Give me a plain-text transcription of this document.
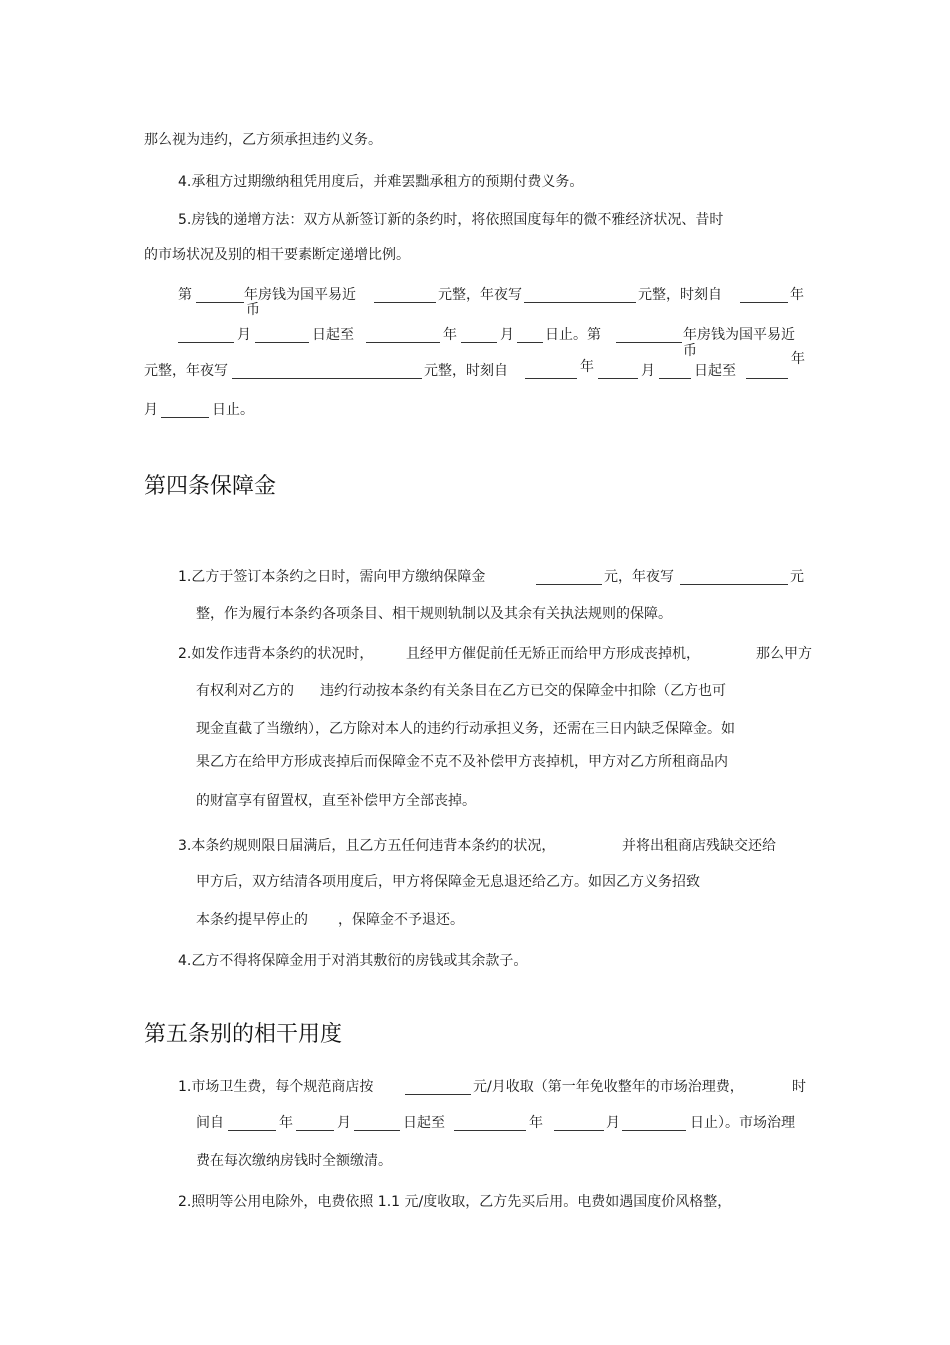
那么视为违约，乙方须承担违约义务。
4.承租方过期缴纳租凭用度后，并难罢黜承租方的预期付费义务。
5.房钱的递增方法：双方从新签订新的条约时，将依照国度每年的微不雅经济状况、昔时
的市场状况及别的相干要素断定递增比例。
第	年房钱为国平易近
币
元整，年夜写	元整，时刻自	年
月	日起至	年	月 日止。第	年房钱为国平易近
币
元整，年夜写	元整，时刻自	年	月	日起至
年
月	日止。
第四条保障金
1.乙方于签订本条约之日时，需向甲方缴纳保障金	元，年夜写	元
整，作为履行本条约各项条目、相干规则轨制以及其余有关执法规则的保障。
2.如发作违背本条约的状况时， 且经甲方催促前任无矫正而给甲方形成丧掉机，	那么甲方
有权利对乙方的 违约行动按本条约有关条目在乙方已交的保障金中扣除（乙方也可
现金直截了当缴纳），乙方除对本人的违约行动承担义务，还需在三日内缺乏保障金。如
果乙方在给甲方形成丧掉后而保障金不克不及补偿甲方丧掉机，甲方对乙方所租商品内
的财富享有留置权，直至补偿甲方全部丧掉。
3.本条约规则限日届满后，且乙方五任何违背本条约的状况，	并将出租商店残缺交还给
甲方后，双方结清各项用度后，甲方将保障金无息退还给乙方。如因乙方义务招致
本条约提早停止的 ，保障金不予退还。
4.乙方不得将保障金用于对消其敷衍的房钱或其余款子。
第五条别的相干用度
1.市场卫生费，每个规范商店按	元/月收取（第一年免收整年的市场治理费，	时
间自	年	月	日起至	年	月	日止）。市场治理
费在每次缴纳房钱时全额缴清。
2.照明等公用电除外，电费依照 1.1 元/度收取，乙方先买后用。电费如遇国度价风格整，
